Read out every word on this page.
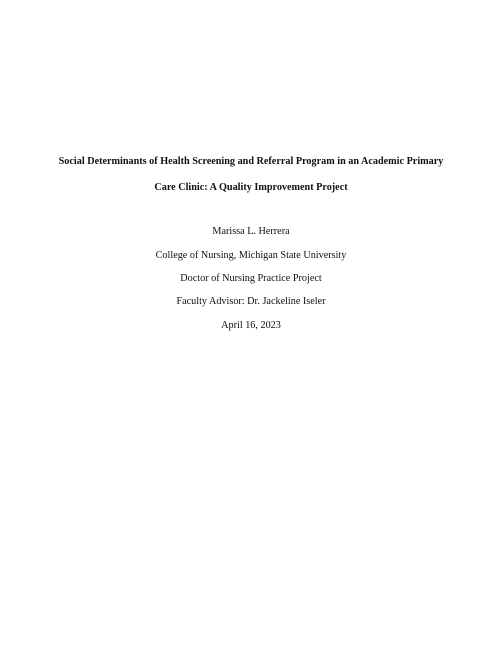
Social Determinants of Health Screening and Referral Program in an Academic Primary
Care Clinic: A Quality Improvement Project
Marissa L. Herrera
College of Nursing, Michigan State University
Doctor of Nursing Practice Project
Faculty Advisor: Dr. Jackeline Iseler
April 16, 2023
